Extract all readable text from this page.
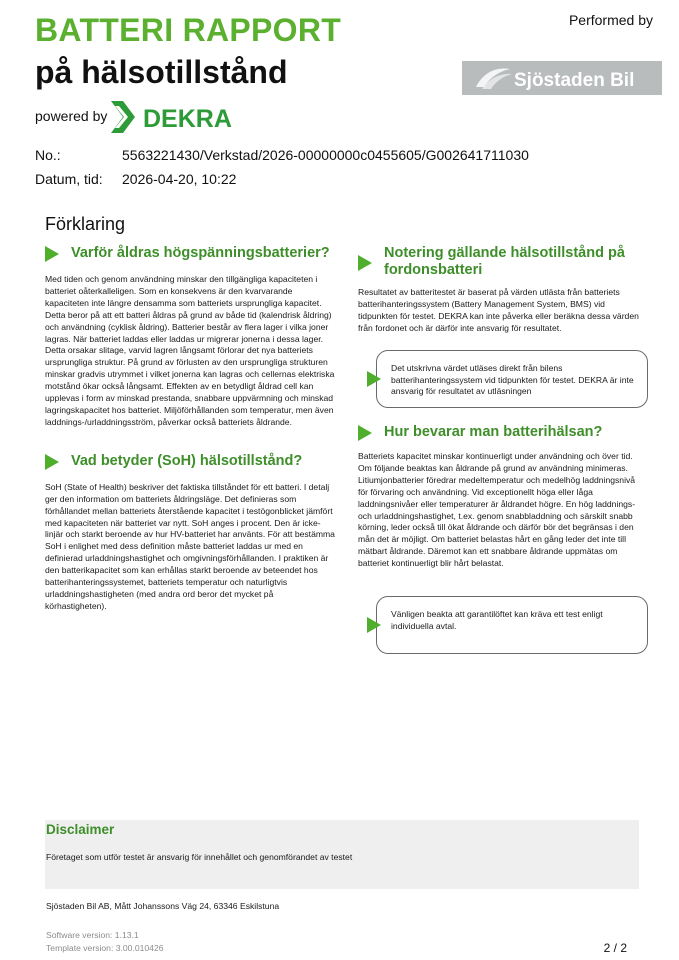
BATTERI RAPPORT
på hälsotillstånd
powered by DEKRA
Performed by
Sjöstaden Bil
No.:	5563221430/Verkstad/2026-00000000c0455605/G002641711030
Datum, tid: 2026-04-20, 10:22
Förklaring
Varför åldras högspänningsbatterier?

Med tiden och genom användning minskar den tillgängliga kapaciteten i batteriet oåterkalleligen. Som en konsekvens är den kvarvarande kapaciteten inte längre densamma som batteriets ursprungliga kapacitet. Detta beror på att ett batteri åldras på grund av både tid (kalendrisk åldring) och användning (cyklisk åldring). Batterier består av flera lager i vilka joner lagras. När batteriet laddas eller laddas ur migrerar jonerna i dessa lager. Detta orsakar slitage, varvid lagren långsamt förlorar det nya batteriets ursprungliga struktur. På grund av förlusten av den ursprungliga strukturen minskar gradvis utrymmet i vilket jonerna kan lagras och cellernas elektriska motstånd ökar också långsamt. Effekten av en betydligt åldrad cell kan upplevas i form av minskad prestanda, snabbare uppvärmning och minskad lagringskapacitet hos batteriet. Miljöförhållanden som temperatur, men även laddnings-/urladdningsström, påverkar också batteriets åldrande.

Vad betyder (SoH) hälsotillstånd?

SoH (State of Health) beskriver det faktiska tillståndet för ett batteri. I detalj ger den information om batteriets åldringsläge. Det definieras som förhållandet mellan batteriets återstående kapacitet i testögonblicket jämfört med kapaciteten när batteriet var nytt. SoH anges i procent. Den är icke-linjär och starkt beroende av hur HV-batteriet har använts. För att bestämma SoH i enlighet med dess definition måste batteriet laddas ur med en definierad urladdningshastighet och omgivningsförhållanden. I praktiken är den batterikapacitet som kan erhållas starkt beroende av beteendet hos batterihanteringssystemet, batteriets temperatur och naturligtvis urladdningshastigheten (med andra ord beror det mycket på körhastigheten).

Notering gällande hälsotillstånd på fordonsbatteri

Resultatet av batteritestet är baserat på värden utlästa från batteriets batterihanteringssystem (Battery Management System, BMS) vid tidpunkten för testet. DEKRA kan inte påverka eller beräkna dessa värden från fordonet och är därför inte ansvarig för resultatet.

Det utskrivna värdet utläses direkt från bilens batterihanteringssystem vid tidpunkten för testet. DEKRA är inte ansvarig för resultatet av utläsningen
Hur bevarar man batterihälsan?

Batteriets kapacitet minskar kontinuerligt under användning och över tid. Om följande beaktas kan åldrande på grund av användning minimeras. Litiumjonbatterier föredrar medeltemperatur och medelhög laddningsnivå för förvaring och användning. Vid exceptionellt höga eller låga laddningsnivåer eller temperaturer är åldrandet högre. En hög laddnings- och urladdningshastighet, t.ex. genom snabbladdning och särskilt snabb körning, leder också till ökat åldrande och därför bör det begränsas i den mån det är möjligt. Om batteriet belastas hårt en gång leder det inte till mätbart åldrande. Däremot kan ett snabbare åldrande uppmätas om batteriet kontinuerligt blir hårt belastat.

Vänligen beakta att garantilöftet kan kräva ett test enligt individuella avtal.
Disclaimer
Företaget som utför testet är ansvarig för innehållet och genomförandet av testet
Sjöstaden Bil AB, Mått Johanssons Väg 24, 63346 Eskilstuna
Software version: 1.13.1
Template version: 3.00.010426	2 / 2
